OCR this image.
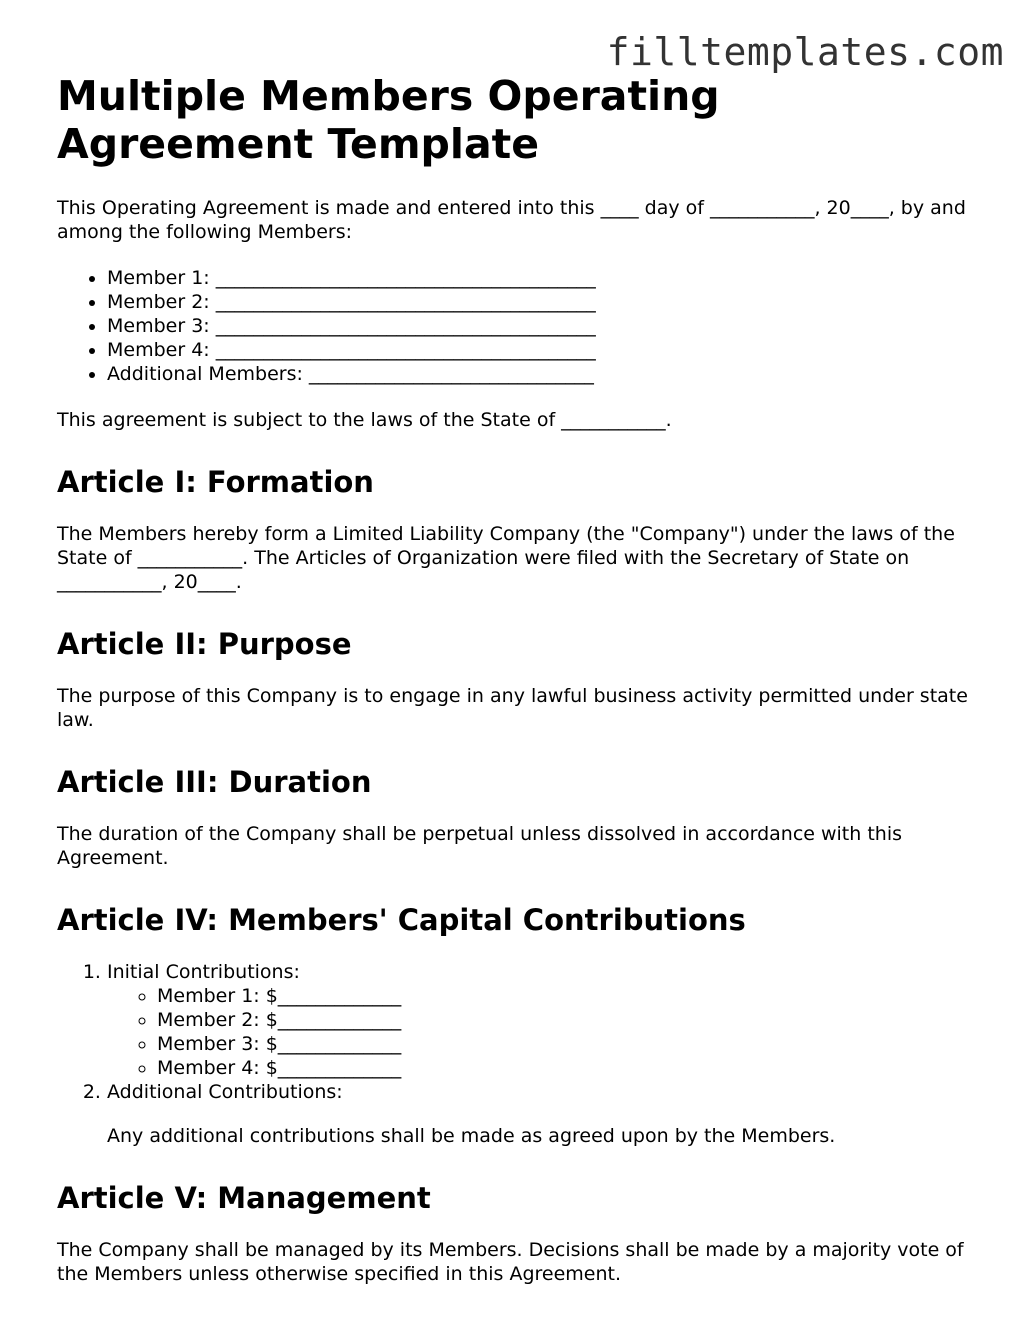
filltemplates.com
Multiple Members Operating Agreement Template

This Operating Agreement is made and entered into this ____ day of ___________, 20____, by and among the following Members:

• Member 1: ________________________________________
• Member 2: ________________________________________
• Member 3: ________________________________________
• Member 4: ________________________________________
• Additional Members: ______________________________

This agreement is subject to the laws of the State of ___________.

Article I: Formation

The Members hereby form a Limited Liability Company (the "Company") under the laws of the State of ___________. The Articles of Organization were filed with the Secretary of State on ___________, 20____.

Article II: Purpose

The purpose of this Company is to engage in any lawful business activity permitted under state law.

Article III: Duration

The duration of the Company shall be perpetual unless dissolved in accordance with this Agreement.

Article IV: Members' Capital Contributions
1. Initial Contributions:
◦ Member 1: $_____________
◦ Member 2: $_____________
◦ Member 3: $_____________
◦ Member 4: $_____________
2. Additional Contributions:

Any additional contributions shall be made as agreed upon by the Members.

Article V: Management

The Company shall be managed by its Members. Decisions shall be made by a majority vote of the Members unless otherwise specified in this Agreement.
